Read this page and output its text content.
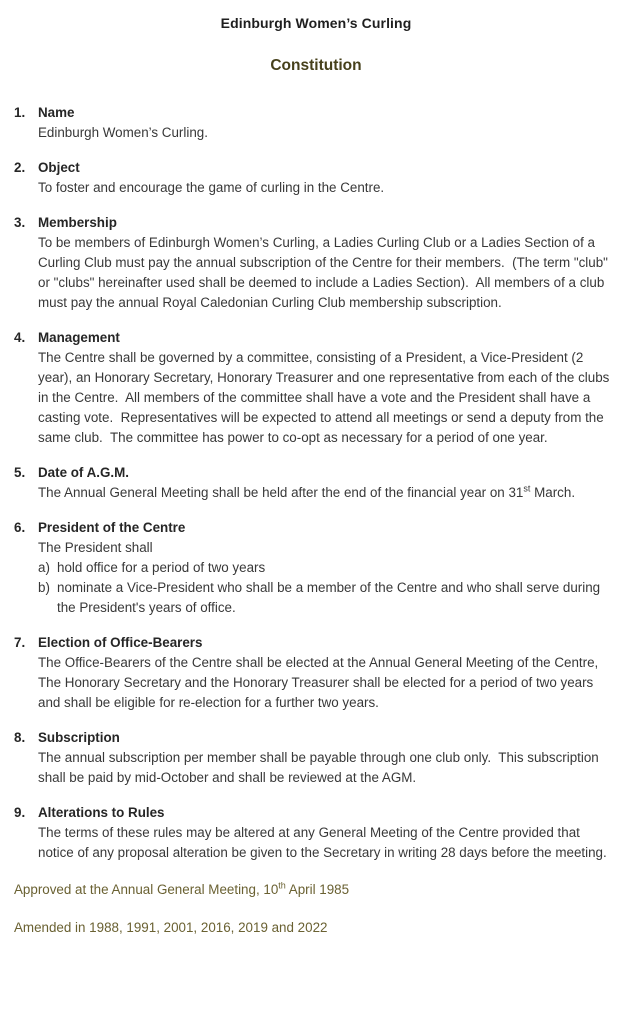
Edinburgh Women’s Curling
Constitution
1. Name
Edinburgh Women’s Curling.
2. Object
To foster and encourage the game of curling in the Centre.
3. Membership
To be members of Edinburgh Women’s Curling, a Ladies Curling Club or a Ladies Section of a Curling Club must pay the annual subscription of the Centre for their members.  (The term "club" or "clubs" hereinafter used shall be deemed to include a Ladies Section).  All members of a club must pay the annual Royal Caledonian Curling Club membership subscription.
4. Management
The Centre shall be governed by a committee, consisting of a President, a Vice-President (2 year), an Honorary Secretary, Honorary Treasurer and one representative from each of the clubs in the Centre.  All members of the committee shall have a vote and the President shall have a casting vote.  Representatives will be expected to attend all meetings or send a deputy from the same club.  The committee has power to co-opt as necessary for a period of one year.
5. Date of A.G.M.
The Annual General Meeting shall be held after the end of the financial year on 31st March.
6. President of the Centre
The President shall
a) hold office for a period of two years
b) nominate a Vice-President who shall be a member of the Centre and who shall serve during the President's years of office.
7. Election of Office-Bearers
The Office-Bearers of the Centre shall be elected at the Annual General Meeting of the Centre, The Honorary Secretary and the Honorary Treasurer shall be elected for a period of two years and shall be eligible for re-election for a further two years.
8. Subscription
The annual subscription per member shall be payable through one club only.  This subscription shall be paid by mid-October and shall be reviewed at the AGM.
9. Alterations to Rules
The terms of these rules may be altered at any General Meeting of the Centre provided that notice of any proposal alteration be given to the Secretary in writing 28 days before the meeting.
Approved at the Annual General Meeting, 10th April 1985
Amended in 1988, 1991, 2001, 2016, 2019 and 2022
